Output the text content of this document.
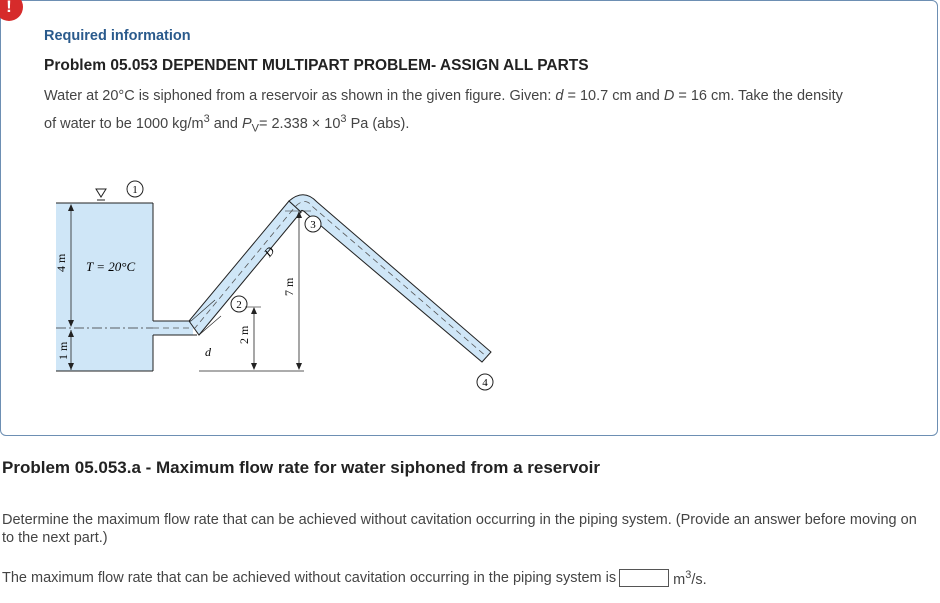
!
Required information
Problem 05.053 DEPENDENT MULTIPART PROBLEM- ASSIGN ALL PARTS
Water at 20°C is siphoned from a reservoir as shown in the given figure. Given: d = 10.7 cm and D = 16 cm. Take the density
of water to be 1000 $kg/m^3$ and $P_V= 2.338 \times 10^3$ Pa (abs).
1
4 m
1 m
T = 20°C
d
2
2 m
D
7 m
3
4
Problem 05.053.a - Maximum flow rate for water siphoned from a reservoir
Determine the maximum flow rate that can be achieved without cavitation occurring in the piping system. (Provide an answer before moving on to the next part.)
The maximum flow rate that can be achieved without cavitation occurring in the piping system is	$m^3/s$.
